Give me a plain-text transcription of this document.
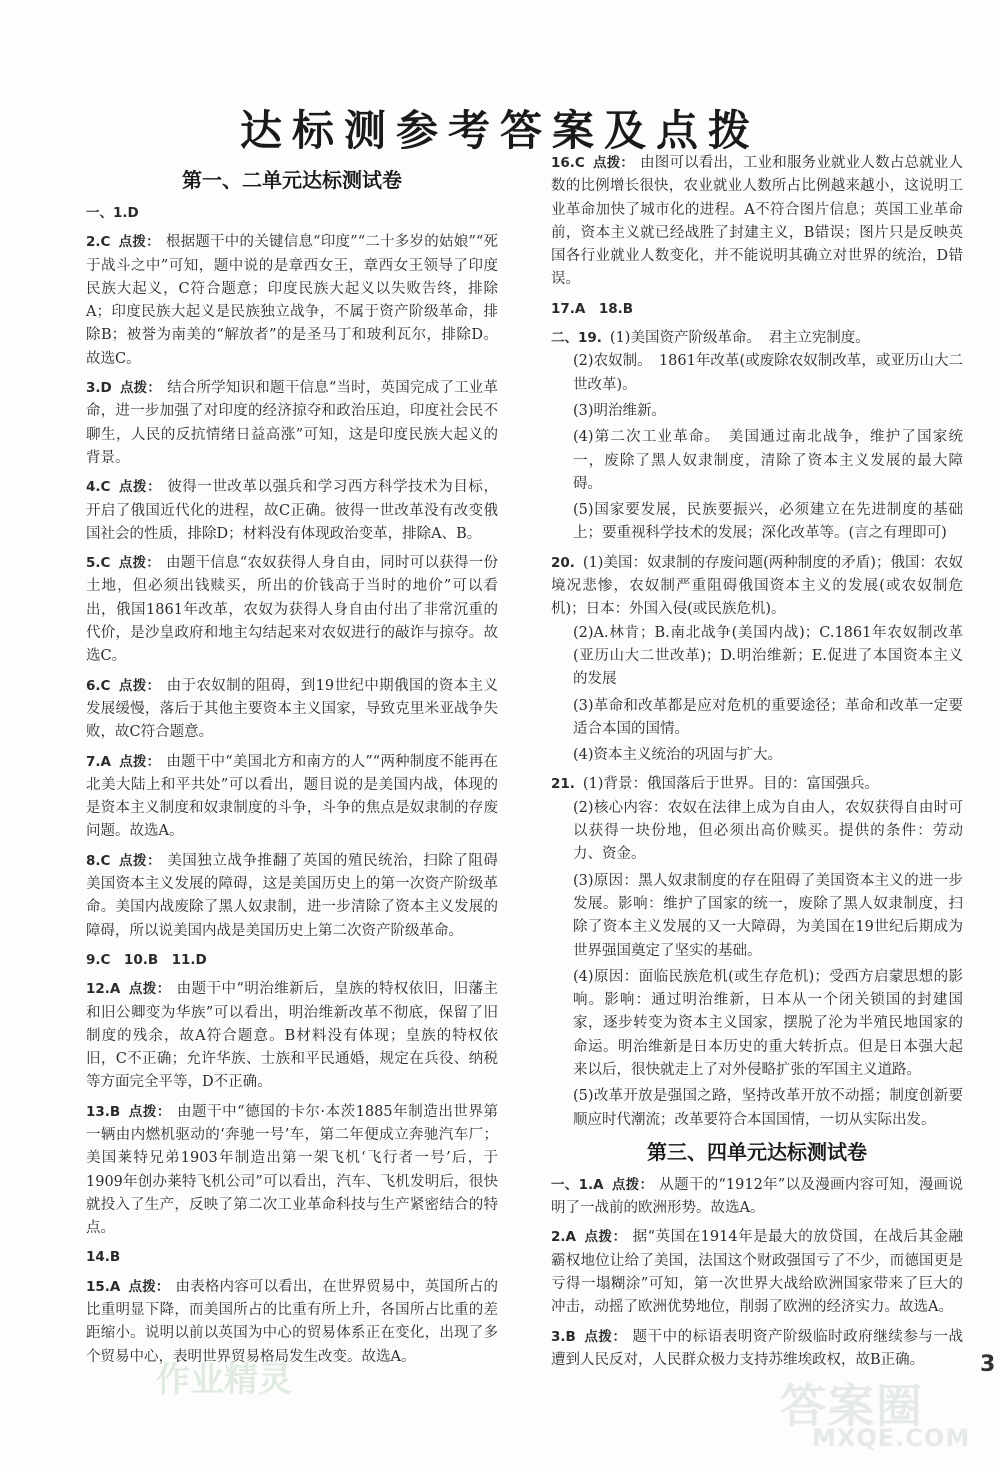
达标测参考答案及点拨
第一、二单元达标测试卷
一、1.D
2.C 点拨： 根据题干中的关键信息“印度”“二十多岁的姑娘”“死于战斗之中”可知，题中说的是章西女王，章西女王领导了印度民族大起义，C符合题意；印度民族大起义以失败告终，排除A；印度民族大起义是民族独立战争，不属于资产阶级革命，排除B；被誉为南美的“解放者”的是圣马丁和玻利瓦尔，排除D。故选C。
3.D 点拨： 结合所学知识和题干信息“当时，英国完成了工业革命，进一步加强了对印度的经济掠夺和政治压迫，印度社会民不聊生，人民的反抗情绪日益高涨”可知，这是印度民族大起义的背景。
4.C 点拨： 彼得一世改革以强兵和学习西方科学技术为目标，开启了俄国近代化的进程，故C正确。彼得一世改革没有改变俄国社会的性质，排除D；材料没有体现政治变革，排除A、B。
5.C 点拨： 由题干信息“农奴获得人身自由，同时可以获得一份土地，但必须出钱赎买，所出的价钱高于当时的地价”可以看出，俄国1861年改革，农奴为获得人身自由付出了非常沉重的代价，是沙皇政府和地主勾结起来对农奴进行的敲诈与掠夺。故选C。
6.C 点拨： 由于农奴制的阻碍，到19世纪中期俄国的资本主义发展缓慢，落后于其他主要资本主义国家，导致克里米亚战争失败，故C符合题意。
7.A 点拨： 由题干中“美国北方和南方的人”“两种制度不能再在北美大陆上和平共处”可以看出，题目说的是美国内战，体现的是资本主义制度和奴隶制度的斗争，斗争的焦点是奴隶制的存废问题。故选A。
8.C 点拨： 美国独立战争推翻了英国的殖民统治，扫除了阻碍美国资本主义发展的障碍，这是美国历史上的第一次资产阶级革命。美国内战废除了黑人奴隶制，进一步清除了资本主义发展的障碍，所以说美国内战是美国历史上第二次资产阶级革命。
9.C　10.B　11.D
12.A 点拨： 由题干中“明治维新后，皇族的特权依旧，旧藩主和旧公卿变为华族”可以看出，明治维新改革不彻底，保留了旧制度的残余，故A符合题意。B材料没有体现；皇族的特权依旧，C不正确；允许华族、士族和平民通婚，规定在兵役、纳税等方面完全平等，D不正确。
13.B 点拨： 由题干中“德国的卡尔·本茨1885年制造出世界第一辆由内燃机驱动的‘奔驰一号’车，第二年便成立奔驰汽车厂；美国莱特兄弟1903年制造出第一架飞机‘飞行者一号’后，于1909年创办莱特飞机公司”可以看出，汽车、飞机发明后，很快就投入了生产，反映了第二次工业革命科技与生产紧密结合的特点。
14.B
15.A 点拨： 由表格内容可以看出，在世界贸易中，英国所占的比重明显下降，而美国所占的比重有所上升，各国所占比重的差距缩小。说明以前以英国为中心的贸易体系正在变化，出现了多个贸易中心，表明世界贸易格局发生改变。故选A。
16.C 点拨： 由图可以看出，工业和服务业就业人数占总就业人数的比例增长很快，农业就业人数所占比例越来越小，这说明工业革命加快了城市化的进程。A不符合图片信息；英国工业革命前，资本主义就已经战胜了封建主义，B错误；图片只是反映英国各行业就业人数变化，并不能说明其确立对世界的统治，D错误。
17.A　18.B
二、19. (1)美国资产阶级革命。　君主立宪制度。
(2)农奴制。　1861年改革(或废除农奴制改革，或亚历山大二世改革)。
(3)明治维新。
(4)第二次工业革命。　美国通过南北战争，维护了国家统一，废除了黑人奴隶制度，清除了资本主义发展的最大障碍。
(5)国家要发展，民族要振兴，必须建立在先进制度的基础上；要重视科学技术的发展；深化改革等。(言之有理即可)
20. (1)美国：奴隶制的存废问题(两种制度的矛盾)；俄国：农奴境况悲惨，农奴制严重阻碍俄国资本主义的发展(或农奴制危机)；日本：外国入侵(或民族危机)。
(2)A.林肯；B.南北战争(美国内战)；C.1861年农奴制改革(亚历山大二世改革)；D.明治维新；E.促进了本国资本主义的发展
(3)革命和改革都是应对危机的重要途径；革命和改革一定要适合本国的国情。
(4)资本主义统治的巩固与扩大。
21. (1)背景：俄国落后于世界。目的：富国强兵。
(2)核心内容：农奴在法律上成为自由人，农奴获得自由时可以获得一块份地，但必须出高价赎买。提供的条件：劳动力、资金。
(3)原因：黑人奴隶制度的存在阻碍了美国资本主义的进一步发展。影响：维护了国家的统一，废除了黑人奴隶制度，扫除了资本主义发展的又一大障碍，为美国在19世纪后期成为世界强国奠定了坚实的基础。
(4)原因：面临民族危机(或生存危机)；受西方启蒙思想的影响。影响：通过明治维新，日本从一个闭关锁国的封建国家，逐步转变为资本主义国家，摆脱了沦为半殖民地国家的命运。明治维新是日本历史的重大转折点。但是日本强大起来以后，很快就走上了对外侵略扩张的军国主义道路。
(5)改革开放是强国之路，坚持改革开放不动摇；制度创新要顺应时代潮流；改革要符合本国国情，一切从实际出发。
第三、四单元达标测试卷
一、1.A 点拨： 从题干的“1912年”以及漫画内容可知，漫画说明了一战前的欧洲形势。故选A。
2.A 点拨： 据“英国在1914年是最大的放贷国，在战后其金融霸权地位让给了美国，法国这个财政强国亏了不少，而德国更是亏得一塌糊涂”可知，第一次世界大战给欧洲国家带来了巨大的冲击，动摇了欧洲优势地位，削弱了欧洲的经济实力。故选A。
3.B 点拨： 题干中的标语表明资产阶级临时政府继续参与一战遭到人民反对，人民群众极力支持苏维埃政权，故B正确。	3
答案圈
MXQE.COM
作业精灵
